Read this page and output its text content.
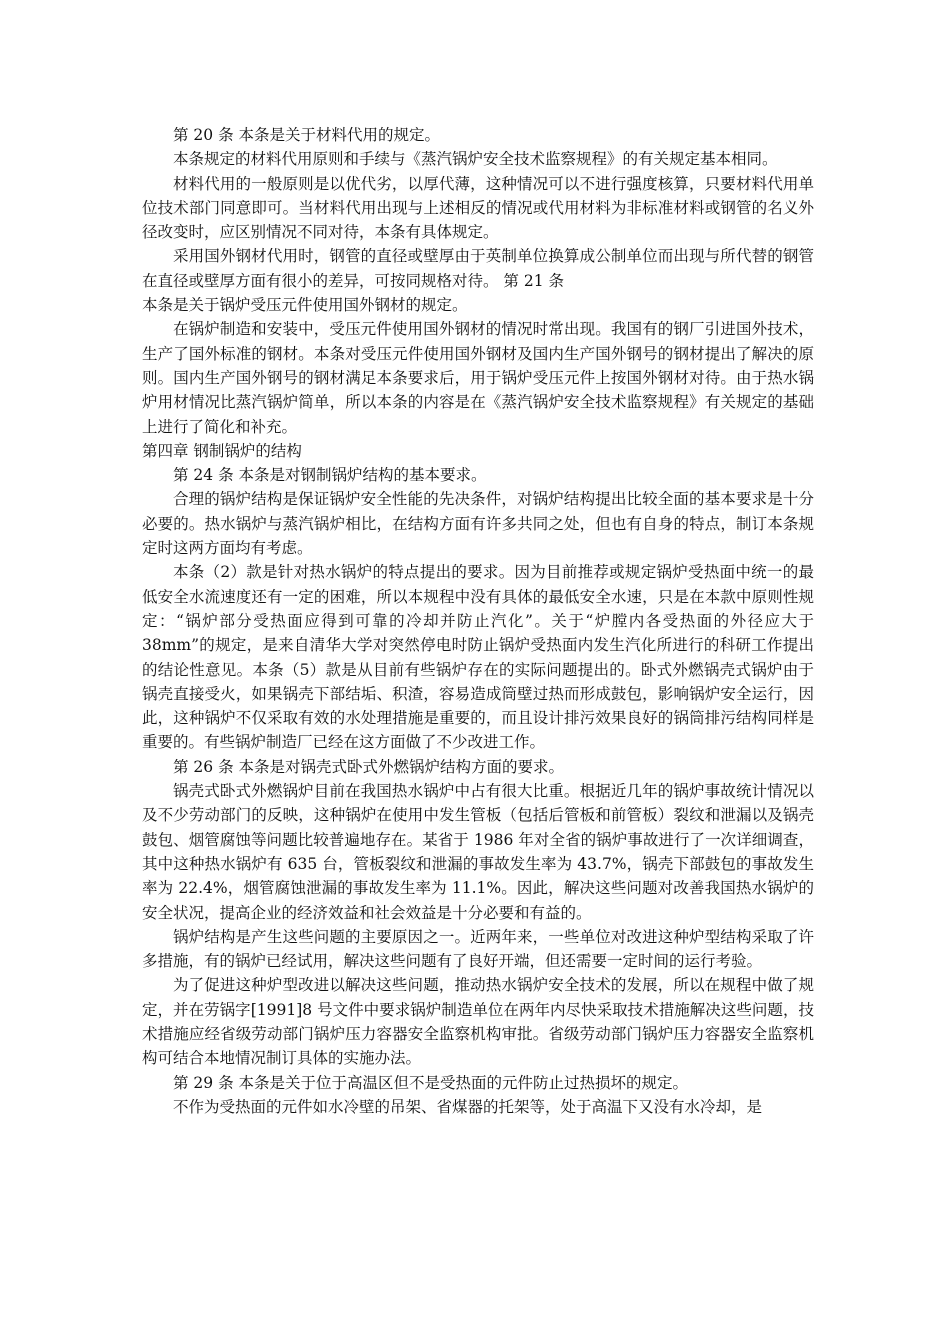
第 20 条 本条是关于材料代用的规定。

本条规定的材料代用原则和手续与《蒸汽锅炉安全技术监察规程》的有关规定基本相同。

材料代用的一般原则是以优代劣，以厚代薄，这种情况可以不进行强度核算，只要材料代用单位技术部门同意即可。当材料代用出现与上述相反的情况或代用材料为非标准材料或钢管的名义外径改变时，应区别情况不同对待，本条有具体规定。

采用国外钢材代用时，钢管的直径或壁厚由于英制单位换算成公制单位而出现与所代替的钢管在直径或壁厚方面有很小的差异，可按同规格对待。 第 21 条

本条是关于锅炉受压元件使用国外钢材的规定。

在锅炉制造和安装中，受压元件使用国外钢材的情况时常出现。我国有的钢厂引进国外技术，生产了国外标准的钢材。本条对受压元件使用国外钢材及国内生产国外钢号的钢材提出了解决的原则。国内生产国外钢号的钢材满足本条要求后，用于锅炉受压元件上按国外钢材对待。由于热水锅炉用材情况比蒸汽锅炉简单，所以本条的内容是在《蒸汽锅炉安全技术监察规程》有关规定的基础上进行了简化和补充。

第四章 钢制锅炉的结构

第 24 条 本条是对钢制锅炉结构的基本要求。

合理的锅炉结构是保证锅炉安全性能的先决条件，对锅炉结构提出比较全面的基本要求是十分必要的。热水锅炉与蒸汽锅炉相比，在结构方面有许多共同之处，但也有自身的特点，制订本条规定时这两方面均有考虑。

本条（2）款是针对热水锅炉的特点提出的要求。因为目前推荐或规定锅炉受热面中统一的最低安全水流速度还有一定的困难，所以本规程中没有具体的最低安全水速，只是在本款中原则性规定：“锅炉部分受热面应得到可靠的冷却并防止汽化”。关于“炉膛内各受热面的外径应大于 38mm”的规定，是来自清华大学对突然停电时防止锅炉受热面内发生汽化所进行的科研工作提出的结论性意见。本条（5）款是从目前有些锅炉存在的实际问题提出的。卧式外燃锅壳式锅炉由于锅壳直接受火，如果锅壳下部结垢、积渣，容易造成筒壁过热而形成鼓包，影响锅炉安全运行，因此，这种锅炉不仅采取有效的水处理措施是重要的，而且设计排污效果良好的锅筒排污结构同样是重要的。有些锅炉制造厂已经在这方面做了不少改进工作。

第 26 条 本条是对锅壳式卧式外燃锅炉结构方面的要求。

锅壳式卧式外燃锅炉目前在我国热水锅炉中占有很大比重。根据近几年的锅炉事故统计情况以及不少劳动部门的反映，这种锅炉在使用中发生管板（包括后管板和前管板）裂纹和泄漏以及锅壳鼓包、烟管腐蚀等问题比较普遍地存在。某省于 1986 年对全省的锅炉事故进行了一次详细调查，其中这种热水锅炉有 635 台，管板裂纹和泄漏的事故发生率为 43.7%，锅壳下部鼓包的事故发生率为 22.4%，烟管腐蚀泄漏的事故发生率为 11.1%。因此，解决这些问题对改善我国热水锅炉的安全状况，提高企业的经济效益和社会效益是十分必要和有益的。

锅炉结构是产生这些问题的主要原因之一。近两年来，一些单位对改进这种炉型结构采取了许多措施，有的锅炉已经试用，解决这些问题有了良好开端，但还需要一定时间的运行考验。

为了促进这种炉型改进以解决这些问题，推动热水锅炉安全技术的发展，所以在规程中做了规定，并在劳锅字[1991]8 号文件中要求锅炉制造单位在两年内尽快采取技术措施解决这些问题，技术措施应经省级劳动部门锅炉压力容器安全监察机构审批。省级劳动部门锅炉压力容器安全监察机构可结合本地情况制订具体的实施办法。

第 29 条 本条是关于位于高温区但不是受热面的元件防止过热损坏的规定。

不作为受热面的元件如水冷壁的吊架、省煤器的托架等，处于高温下又没有水冷却，是
